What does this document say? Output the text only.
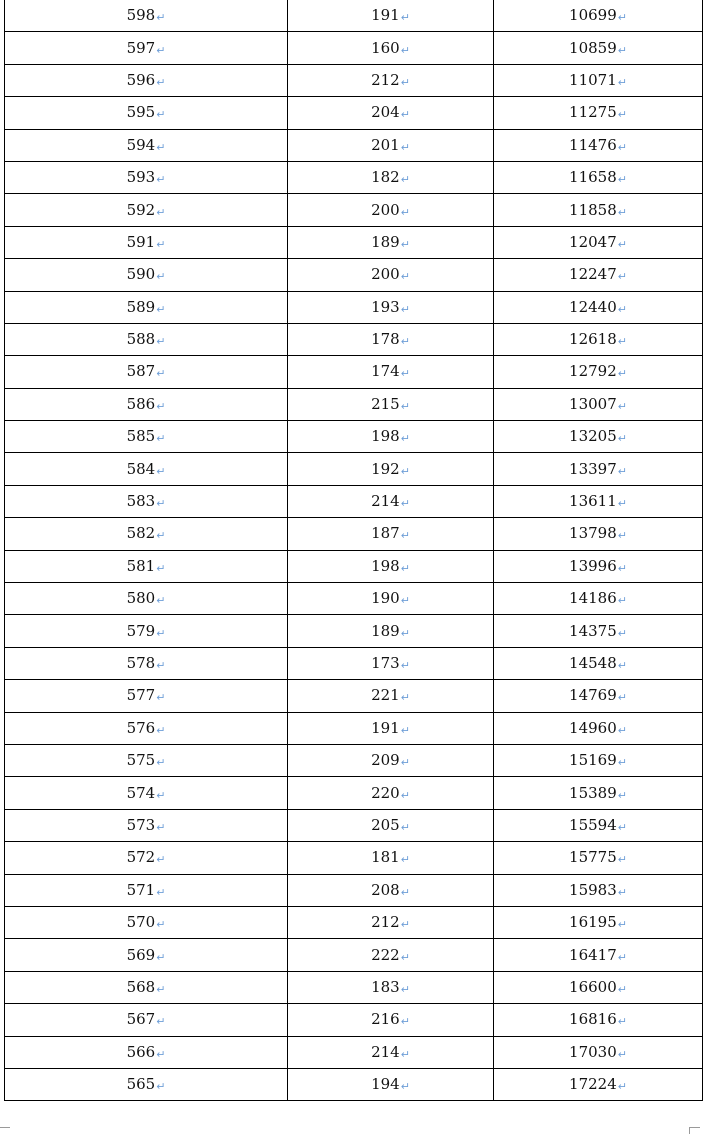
598↵	191↵	10699↵
597↵	160↵	10859↵
596↵	212↵	11071↵
595↵	204↵	11275↵
594↵	201↵	11476↵
593↵	182↵	11658↵
592↵	200↵	11858↵
591↵	189↵	12047↵
590↵	200↵	12247↵
589↵	193↵	12440↵
588↵	178↵	12618↵
587↵	174↵	12792↵
586↵	215↵	13007↵
585↵	198↵	13205↵
584↵	192↵	13397↵
583↵	214↵	13611↵
582↵	187↵	13798↵
581↵	198↵	13996↵
580↵	190↵	14186↵
579↵	189↵	14375↵
578↵	173↵	14548↵
577↵	221↵	14769↵
576↵	191↵	14960↵
575↵	209↵	15169↵
574↵	220↵	15389↵
573↵	205↵	15594↵
572↵	181↵	15775↵
571↵	208↵	15983↵
570↵	212↵	16195↵
569↵	222↵	16417↵
568↵	183↵	16600↵
567↵	216↵	16816↵
566↵	214↵	17030↵
565↵	194↵	17224↵
